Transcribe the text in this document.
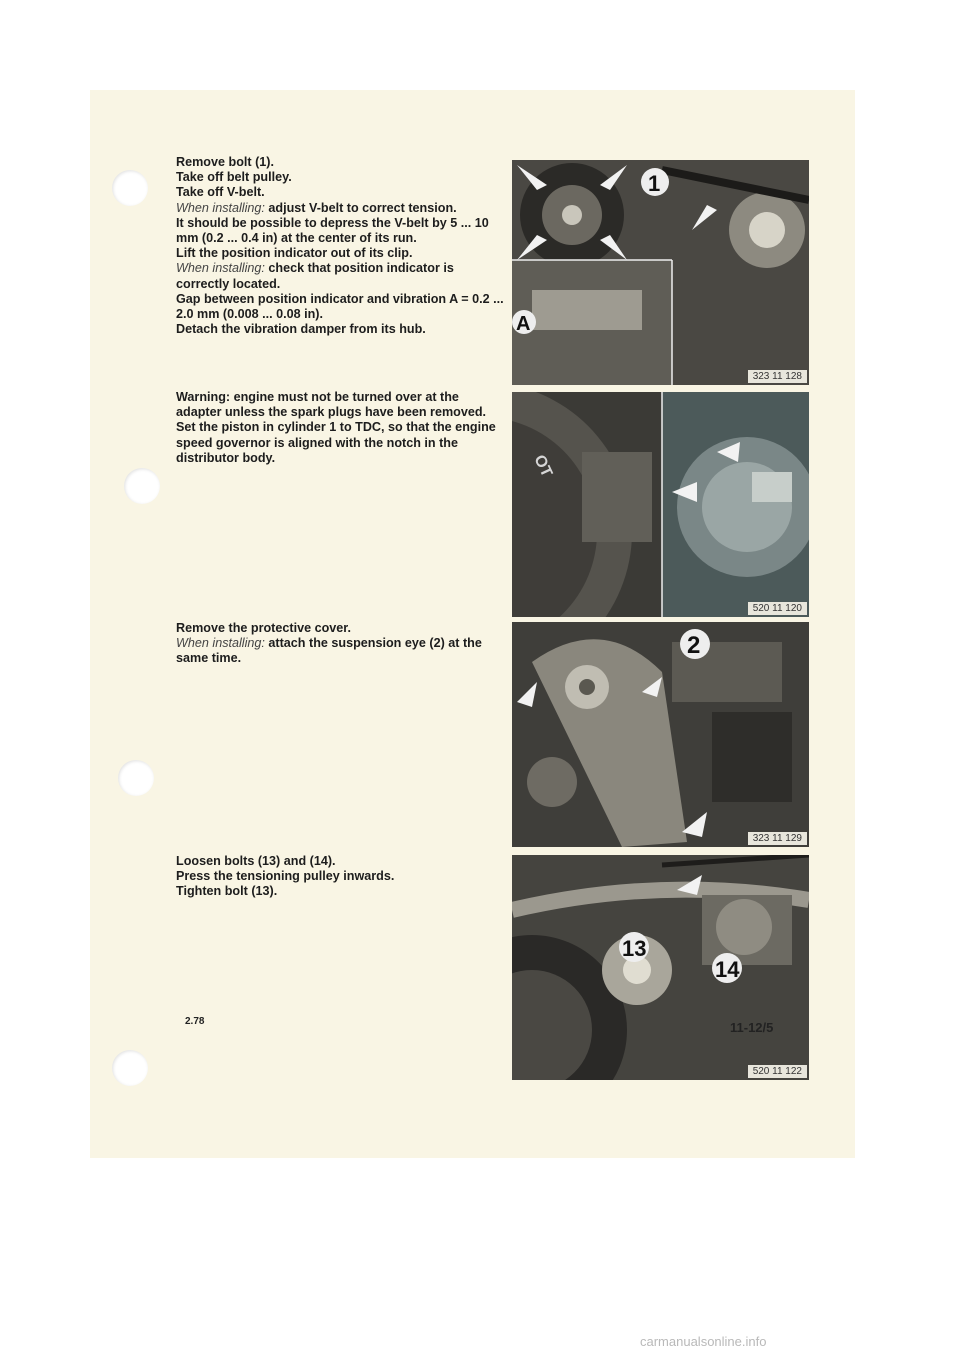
Remove bolt (1).

Take off belt pulley.

Take off V-belt.

When installing: adjust V-belt to correct tension.

It should be possible to depress the V-belt by 5 ... 10 mm (0.2 ... 0.4 in) at the center of its run.

Lift the position indicator out of its clip.

When installing: check that position indicator is correctly located.

Gap between position indicator and vibration A = 0.2 ... 2.0 mm (0.008 ... 0.08 in).

Detach the vibration damper from its hub.

Warning: engine must not be turned over at the adapter unless the spark plugs have been removed.

Set the piston in cylinder 1 to TDC, so that the engine speed governor is aligned with the notch in the distributor body.

Remove the protective cover.

When installing: attach the suspension eye (2) at the same time.

Loosen bolts (13) and (14).

Press the tensioning pulley inwards.

Tighten bolt (13).

1
A
323 11 128
OT
520 11 120
2
323 11 129
13
14
520 11 122
2.78	11-12/5
carmanualsonline.info
